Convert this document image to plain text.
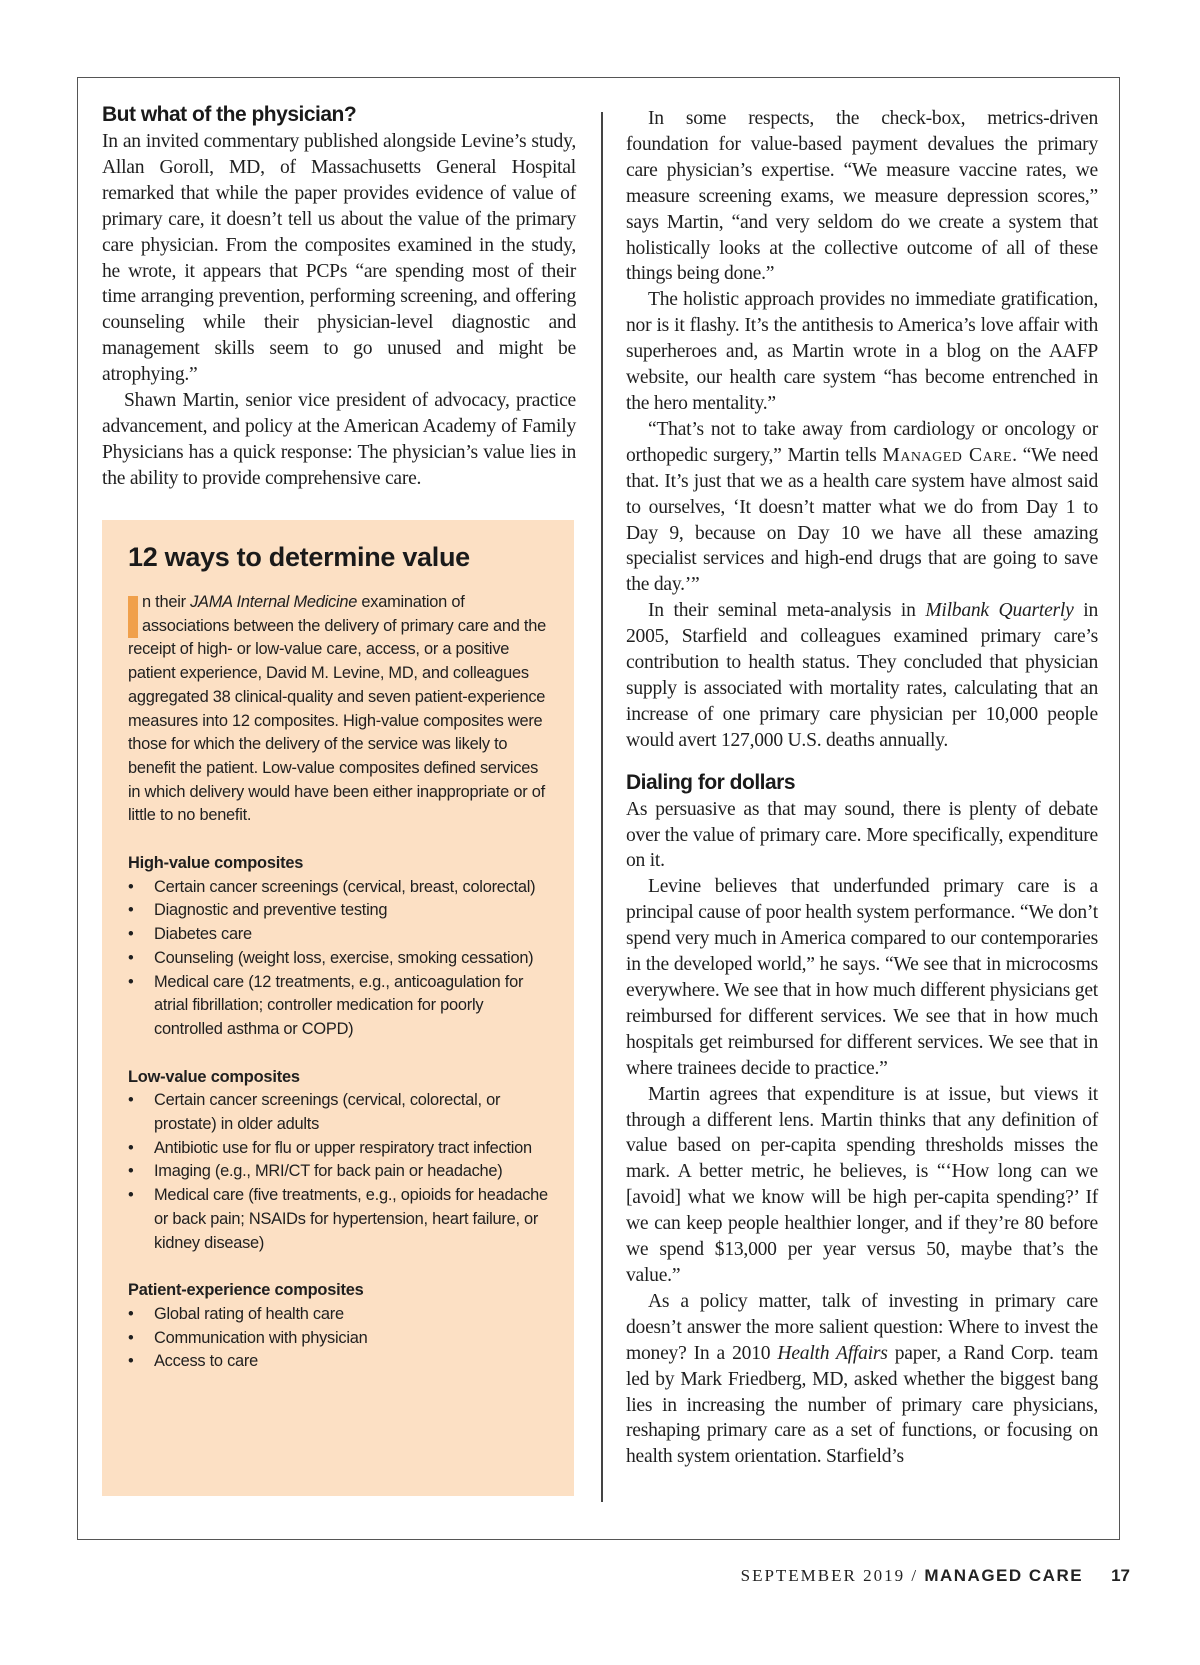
But what of the physician?

In an invited commentary published alongside Levine’s study, Allan Goroll, MD, of Massachusetts General Hospital remarked that while the paper provides evidence of value of primary care, it doesn’t tell us about the value of the primary care physician. From the composites examined in the study, he wrote, it appears that PCPs “are spending most of their time arranging prevention, performing screening, and offering counseling while their physician-level diagnostic and management skills seem to go unused and might be atrophying.”

Shawn Martin, senior vice president of advocacy, practice advancement, and policy at the American Academy of Family Physicians has a quick response: The physician’s value lies in the ability to provide comprehensive care.

12 ways to determine value

n their JAMA Internal Medicine examination of associations between the delivery of primary care and the receipt of high- or low-value care, access, or a positive patient experience, David M. Levine, MD, and colleagues aggregated 38 clinical-quality and seven patient-experience measures into 12 composites. High-value composites were those for which the delivery of the service was likely to benefit the patient. Low-value composites defined services in which delivery would have been either inappropriate or of little to no benefit.

High-value composites
• Certain cancer screenings (cervical, breast, colorectal)
• Diagnostic and preventive testing
• Diabetes care
• Counseling (weight loss, exercise, smoking cessation)
• Medical care (12 treatments, e.g., anticoagulation for atrial fibrillation; controller medication for poorly controlled asthma or COPD)
Low-value composites
• Certain cancer screenings (cervical, colorectal, or prostate) in older adults
• Antibiotic use for flu or upper respiratory tract infection
• Imaging (e.g., MRI/CT for back pain or headache)
• Medical care (five treatments, e.g., opioids for headache or back pain; NSAIDs for hypertension, heart failure, or kidney disease)
Patient-experience composites
• Global rating of health care
• Communication with physician
• Access to care

In some respects, the check-box, metrics-driven foundation for value-based payment devalues the primary care physician’s expertise. “We measure vaccine rates, we measure screening exams, we measure depression scores,” says Martin, “and very seldom do we create a system that holistically looks at the collective outcome of all of these things being done.”

The holistic approach provides no immediate gratification, nor is it flashy. It’s the antithesis to America’s love affair with superheroes and, as Martin wrote in a blog on the AAFP website, our health care system “has become entrenched in the hero mentality.”

“That’s not to take away from cardiology or oncology or orthopedic surgery,” Martin tells Managed Care. “We need that. It’s just that we as a health care system have almost said to ourselves, ‘It doesn’t matter what we do from Day 1 to Day 9, because on Day 10 we have all these amazing specialist services and high-end drugs that are going to save the day.’”

In their seminal meta-analysis in Milbank Quarterly in 2005, Starfield and colleagues examined primary care’s contribution to health status. They concluded that physician supply is associated with mortality rates, calculating that an increase of one primary care physician per 10,000 people would avert 127,000 U.S. deaths annually.

Dialing for dollars

As persuasive as that may sound, there is plenty of debate over the value of primary care. More specifically, expenditure on it.

Levine believes that underfunded primary care is a principal cause of poor health system performance. “We don’t spend very much in America compared to our contemporaries in the developed world,” he says. “We see that in microcosms everywhere. We see that in how much different physicians get reimbursed for different services. We see that in how much hospitals get reimbursed for different services. We see that in where trainees decide to practice.”

Martin agrees that expenditure is at issue, but views it through a different lens. Martin thinks that any definition of value based on per-capita spending thresholds misses the mark. A better metric, he believes, is “‘How long can we [avoid] what we know will be high per-capita spending?’ If we can keep people healthier longer, and if they’re 80 before we spend $13,000 per year versus 50, maybe that’s the value.”

As a policy matter, talk of investing in primary care doesn’t answer the more salient question: Where to invest the money? In a 2010 Health Affairs paper, a Rand Corp. team led by Mark Friedberg, MD, asked whether the biggest bang lies in increasing the number of primary care physicians, reshaping primary care as a set of functions, or focusing on health system orientation. Starfield’s

SEPTEMBER 2019 / MANAGED CARE 17
